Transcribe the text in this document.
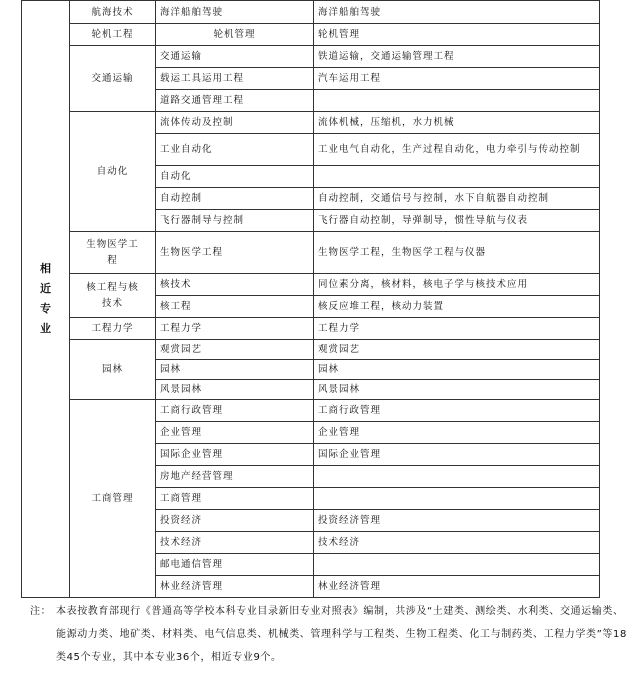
相
近
专
业	航海技术	海洋船舶驾驶	海洋船舶驾驶
	轮机工程	轮机管理	轮机管理
	交通运输	交通运输	铁道运输，交通运输管理工程
		载运工具运用工程	汽车运用工程
		道路交通管理工程	
	自动化	流体传动及控制	流体机械，压缩机，水力机械
		工业自动化	工业电气自动化，生产过程自动化，电力牵引与传动控制
		自动化	
		自动控制	自动控制，交通信号与控制，水下自航器自动控制
		飞行器制导与控制	飞行器自动控制，导弹制导，惯性导航与仪表
	生物医学工程	生物医学工程	生物医学工程，生物医学工程与仪器
	核工程与核技术	核技术	同位素分离，核材料，核电子学与核技术应用
		核工程	核反应堆工程，核动力装置
	工程力学	工程力学	工程力学
	园林	观赏园艺	观赏园艺
		园林	园林
		风景园林	风景园林
	工商管理	工商行政管理	工商行政管理
		企业管理	企业管理
		国际企业管理	国际企业管理
		房地产经营管理	
		工商管理	
		投资经济	投资经济管理
		技术经济	技术经济
		邮电通信管理	
		林业经济管理	林业经济管理
注： 本表按教育部现行《普通高等学校本科专业目录新旧专业对照表》编制，共涉及“土建类、测绘类、水利类、交通运输类、能源动力类、地矿类、材料类、电气信息类、机械类、管理科学与工程类、生物工程类、化工与制药类、工程力学类”等18类45个专业，其中本专业36个，相近专业9个。
